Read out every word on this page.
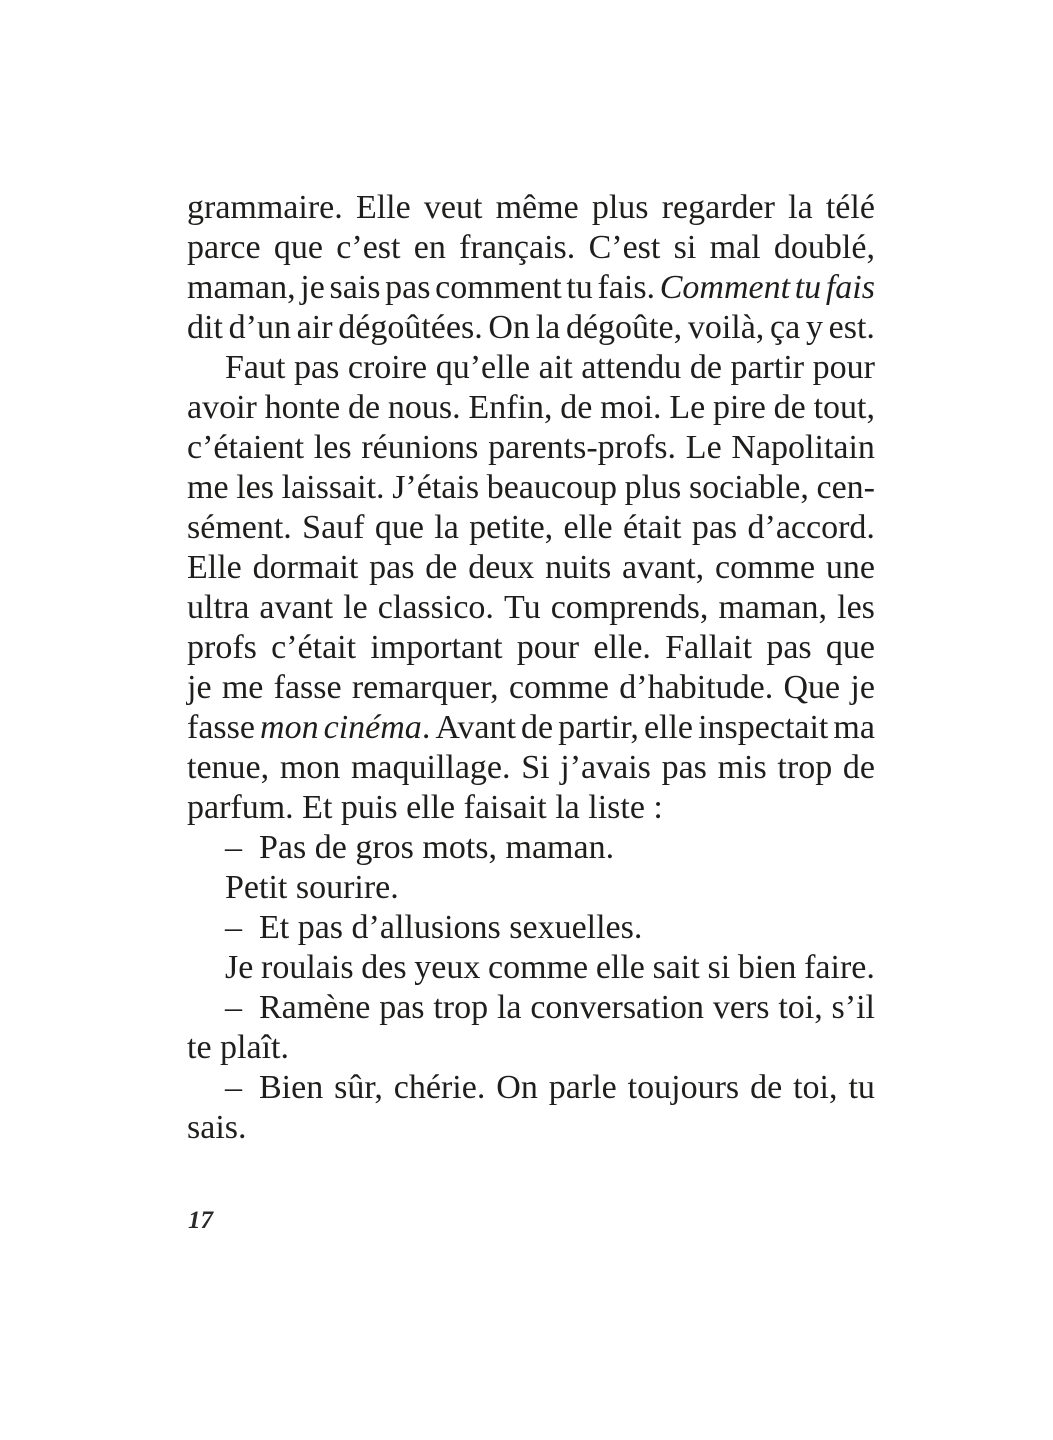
grammaire. Elle veut même plus regarder la télé
parce que c’est en français. C’est si mal doublé,
maman, je sais pas comment tu fais. Comment tu fais
dit d’un air dégoûtées. On la dégoûte, voilà, ça y est.
Faut pas croire qu’elle ait attendu de partir pour
avoir honte de nous. Enfin, de moi. Le pire de tout,
c’étaient les réunions parents-profs. Le Napolitain
me les laissait. J’étais beaucoup plus sociable, cen-
sément. Sauf que la petite, elle était pas d’accord.
Elle dormait pas de deux nuits avant, comme une
ultra avant le classico. Tu comprends, maman, les
profs c’était important pour elle. Fallait pas que
je me fasse remarquer, comme d’habitude. Que je
fasse mon cinéma. Avant de partir, elle inspectait ma
tenue, mon maquillage. Si j’avais pas mis trop de
parfum. Et puis elle faisait la liste :
– Pas de gros mots, maman.
Petit sourire.
– Et pas d’allusions sexuelles.
Je roulais des yeux comme elle sait si bien faire.
– Ramène pas trop la conversation vers toi, s’il
te plaît.
– Bien sûr, chérie. On parle toujours de toi, tu
sais.
17
